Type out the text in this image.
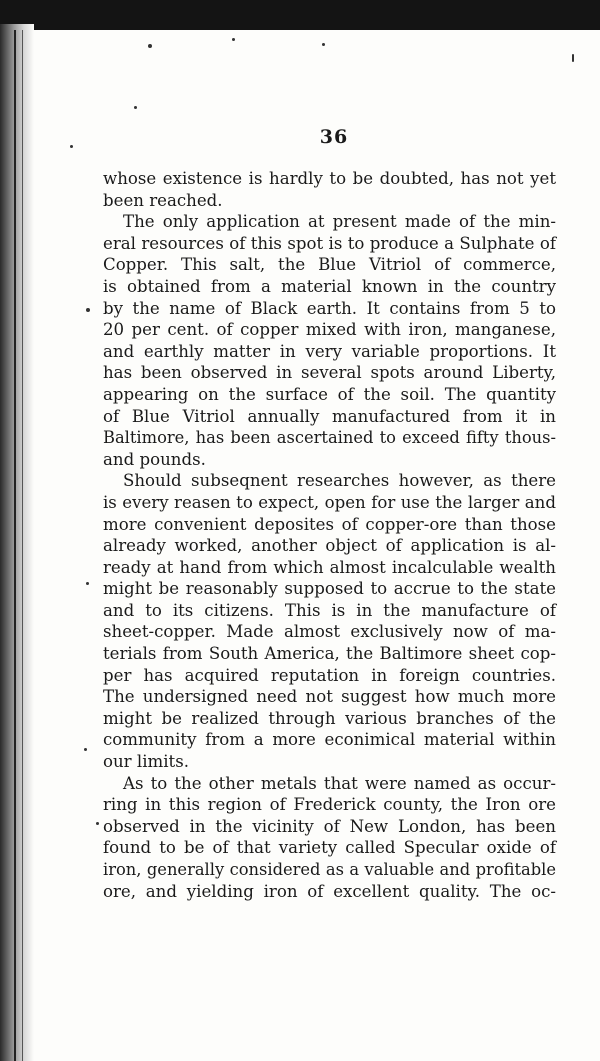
36
whose existence is hardly to be doubted, has not yet
been reached.
The only application at present made of the min-
eral resources of this spot is to produce a Sulphate of
Copper. This salt, the Blue Vitriol of commerce,
is obtained from a material known in the country
by the name of Black earth. It contains from 5 to
20 per cent. of copper mixed with iron, manganese,
and earthly matter in very variable proportions. It
has been observed in several spots around Liberty,
appearing on the surface of the soil. The quantity
of Blue Vitriol annually manufactured from it in
Baltimore, has been ascertained to exceed fifty thous-
and pounds.
Should subseqnent researches however, as there
is every reasen to expect, open for use the larger and
more convenient deposites of copper-ore than those
already worked, another object of application is al-
ready at hand from which almost incalculable wealth
might be reasonably supposed to accrue to the state
and to its citizens. This is in the manufacture of
sheet-copper. Made almost exclusively now of ma-
terials from South America, the Baltimore sheet cop-
per has acquired reputation in foreign countries.
The undersigned need not suggest how much more
might be realized through various branches of the
community from a more econimical material within
our limits.
As to the other metals that were named as occur-
ring in this region of Frederick county, the Iron ore
observed in the vicinity of New London, has been
found to be of that variety called Specular oxide of
iron, generally considered as a valuable and profitable
ore, and yielding iron of excellent quality. The oc-
